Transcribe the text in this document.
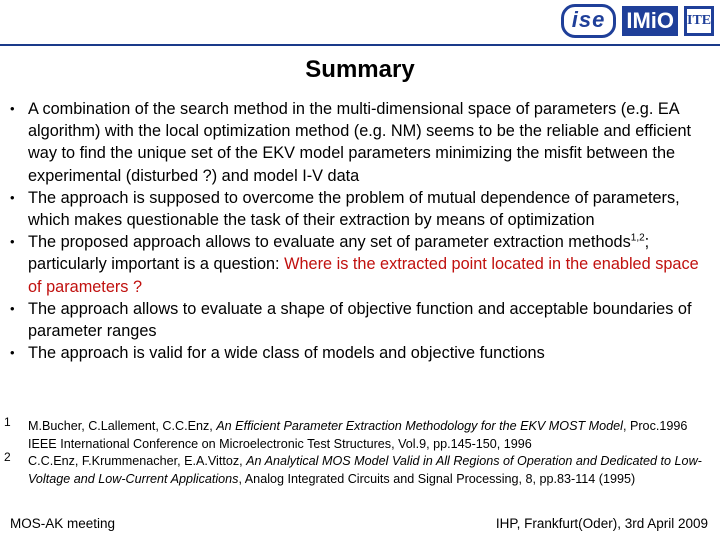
ise IMiO ITE
Summary
• A combination of the search method in the multi-dimensional space of parameters (e.g. EA algorithm) with the local optimization method (e.g. NM) seems to be the reliable and efficient way to find the unique set of the EKV model parameters minimizing the misfit between the experimental (disturbed ?) and model I-V data
• The approach is supposed to overcome the problem of mutual dependence of parameters, which makes questionable the task of their extraction by means of optimization
• The proposed approach allows to evaluate any set of parameter extraction methods$^{1,2}$; particularly important is a question: Where is the extracted point located in the enabled space of parameters ?
• The approach allows to evaluate a shape of objective function and acceptable boundaries of parameter ranges
• The approach is valid for a wide class of models and objective functions
1 M.Bucher, C.Lallement, C.C.Enz, An Efficient Parameter Extraction Methodology for the EKV MOST Model, Proc.1996 IEEE International Conference on Microelectronic Test Structures, Vol.9, pp.145-150, 1996
2 C.C.Enz, F.Krummenacher, E.A.Vittoz, An Analytical MOS Model Valid in All Regions of Operation and Dedicated to Low-Voltage and Low-Current Applications, Analog Integrated Circuits and Signal Processing, 8, pp.83-114 (1995)
MOS-AK meeting	IHP, Frankfurt(Oder), 3rd April 2009
